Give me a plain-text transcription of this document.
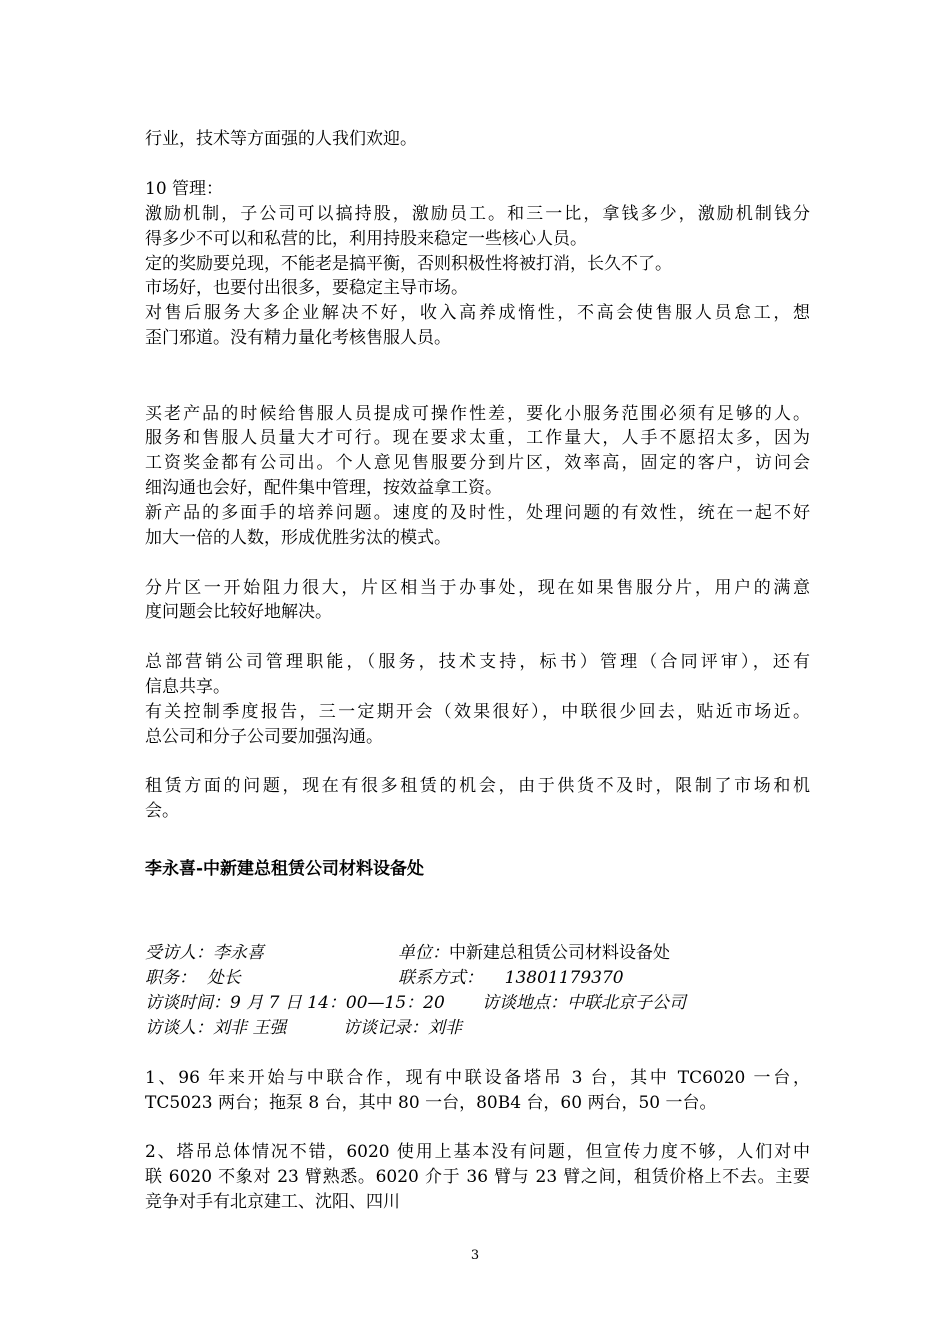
行业，技术等方面强的人我们欢迎。
10 管理：
激励机制，子公司可以搞持股，激励员工。和三一比，拿钱多少，激励机制钱分
得多少不可以和私营的比，利用持股来稳定一些核心人员。
定的奖励要兑现，不能老是搞平衡，否则积极性将被打消，长久不了。
市场好，也要付出很多，要稳定主导市场。
对售后服务大多企业解决不好，收入高养成惰性，不高会使售服人员怠工，想
歪门邪道。没有精力量化考核售服人员。
买老产品的时候给售服人员提成可操作性差，要化小服务范围必须有足够的人。
服务和售服人员量大才可行。现在要求太重，工作量大，人手不愿招太多，因为
工资奖金都有公司出。个人意见售服要分到片区，效率高，固定的客户，访问会
细沟通也会好，配件集中管理，按效益拿工资。
新产品的多面手的培养问题。速度的及时性，处理问题的有效性，统在一起不好
加大一倍的人数，形成优胜劣汰的模式。
分片区一开始阻力很大，片区相当于办事处，现在如果售服分片，用户的满意
度问题会比较好地解决。
总部营销公司管理职能，（服务，技术支持，标书）管理（合同评审），还有
信息共享。
有关控制季度报告，三一定期开会（效果很好），中联很少回去，贴近市场近。
总公司和分子公司要加强沟通。
租赁方面的问题，现在有很多租赁的机会，由于供货不及时，限制了市场和机
会。
李永喜-中新建总租赁公司材料设备处
受访人：李永喜	单位：中新建总租赁公司材料设备处
职务： 处长	联系方式： 13801179370
访谈时间：9 月 7 日 14：00—15：20	访谈地点：中联北京子公司
访谈人：刘非 王强	访谈记录：刘非
1、96 年来开始与中联合作，现有中联设备塔吊 3 台，其中 TC6020 一台，
TC5023 两台；拖泵 8 台，其中 80 一台，80B4 台，60 两台，50 一台。
2、塔吊总体情况不错，6020 使用上基本没有问题，但宣传力度不够，人们对中
联 6020 不象对 23 臂熟悉。6020 介于 36 臂与 23 臂之间，租赁价格上不去。主要
竞争对手有北京建工、沈阳、四川
3
